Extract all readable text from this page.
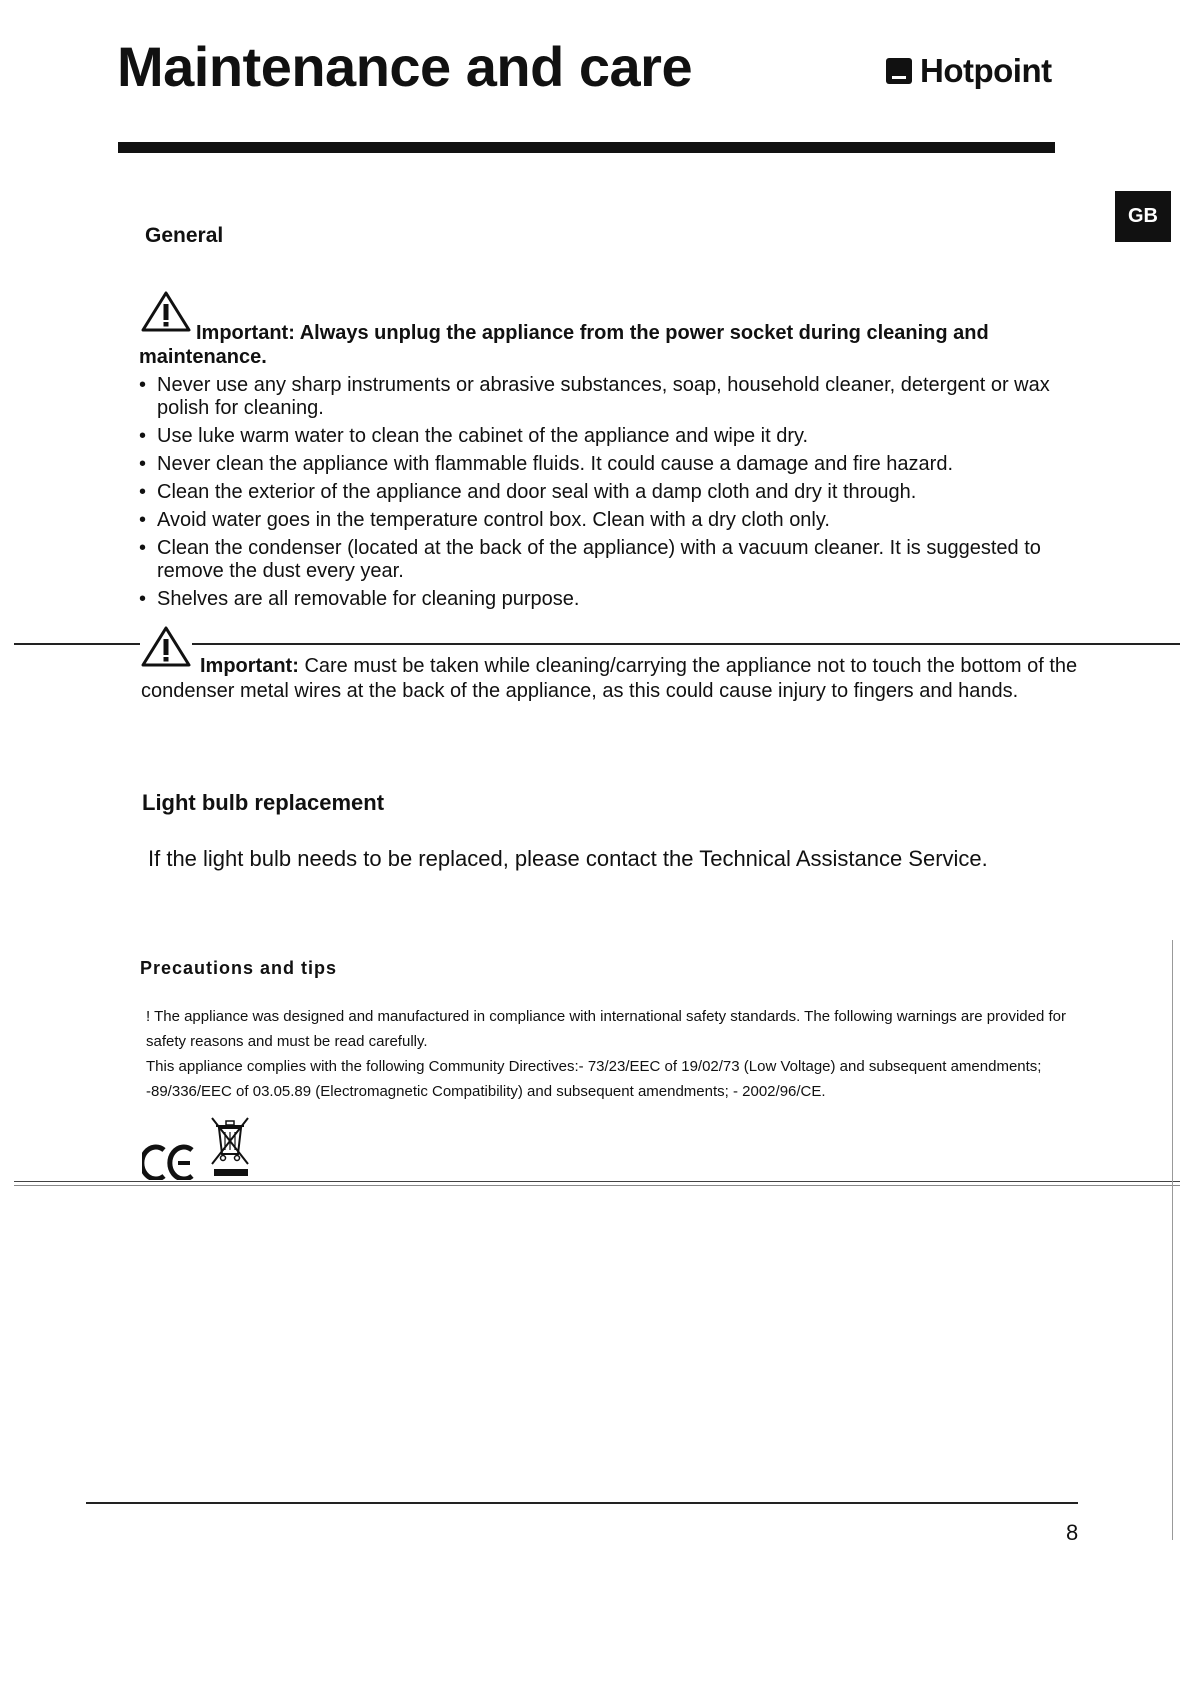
Maintenance and care	Hotpoint
GB
General

Important: Always unplug the appliance from the power socket during cleaning and maintenance.

• Never use any sharp instruments or abrasive substances, soap, household cleaner, detergent or wax polish for cleaning.
• Use luke warm water to clean the cabinet of the appliance and wipe it dry.
• Never clean the appliance with flammable fluids. It could cause a damage and fire hazard.
• Clean the exterior of the appliance and door seal with a damp cloth and dry it through.
• Avoid water goes in the temperature control box. Clean with a dry cloth only.
• Clean the condenser (located at the back of the appliance) with a vacuum cleaner. It is suggested to remove the dust every year.
• Shelves are all removable for cleaning purpose.

Important: Care must be taken while cleaning/carrying the appliance not to touch the bottom of the condenser metal wires at the back of the appliance, as this could cause injury to fingers and hands.

Light bulb replacement

If the light bulb needs to be replaced, please contact the Technical Assistance Service.

Precautions and tips
! The appliance was designed and manufactured in compliance with international safety standards. The following warnings are provided for safety reasons and must be read carefully.
This appliance complies with the following Community Directives:- 73/23/EEC of 19/02/73 (Low Voltage) and subsequent amendments; -89/336/EEC of 03.05.89 (Electromagnetic Compatibility) and subsequent amendments; - 2002/96/CE.
8
